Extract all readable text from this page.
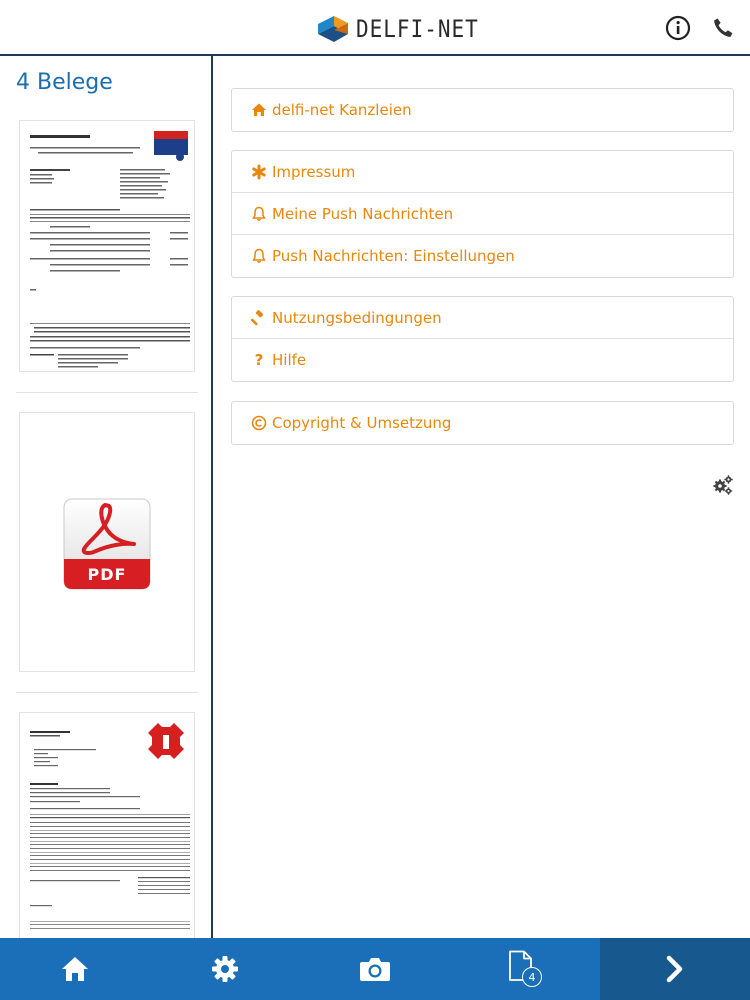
DELFI-NET
4 Belege
PDF
delfi-net Kanzleien
Impressum
Meine Push Nachrichten
Push Nachrichten: Einstellungen
Nutzungsbedingungen
? Hilfe
Copyright & Umsetzung
4
